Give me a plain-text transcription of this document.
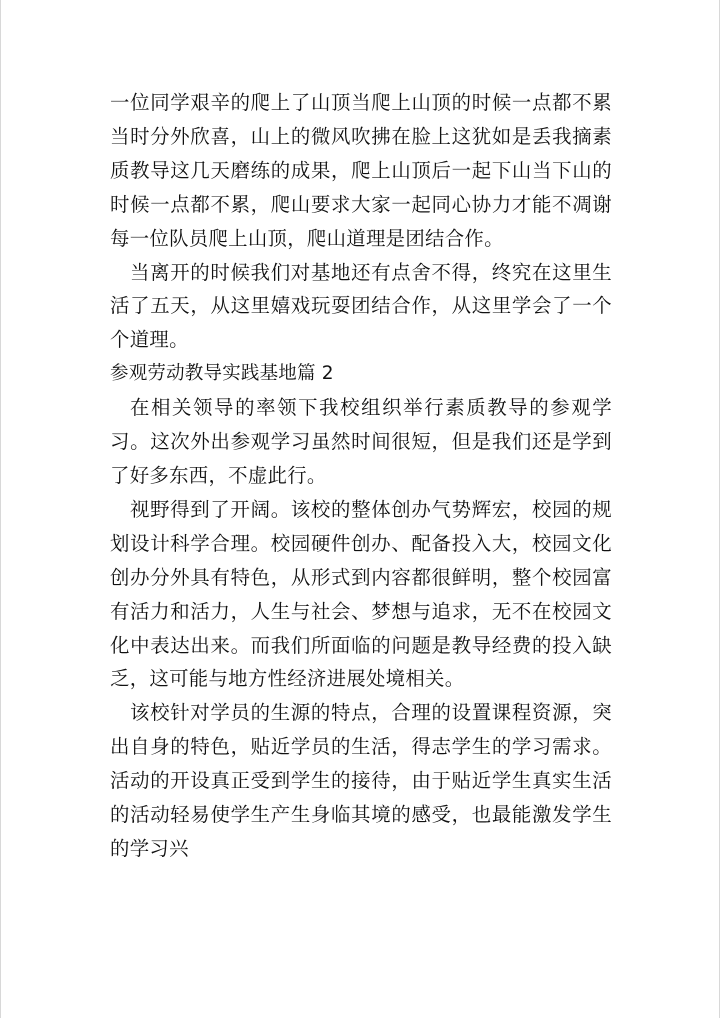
一位同学艰辛的爬上了山顶当爬上山顶的时候一点都不累当时分外欣喜，山上的微风吹拂在脸上这犹如是丢我摘素质教导这几天磨练的成果，爬上山顶后一起下山当下山的时候一点都不累，爬山要求大家一起同心协力才能不凋谢每一位队员爬上山顶，爬山道理是团结合作。

当离开的时候我们对基地还有点舍不得，终究在这里生活了五天，从这里嬉戏玩耍团结合作，从这里学会了一个个道理。

参观劳动教导实践基地篇 2

在相关领导的率领下我校组织举行素质教导的参观学习。这次外出参观学习虽然时间很短，但是我们还是学到了好多东西，不虚此行。

视野得到了开阔。该校的整体创办气势辉宏，校园的规划设计科学合理。校园硬件创办、配备投入大，校园文化创办分外具有特色，从形式到内容都很鲜明，整个校园富有活力和活力，人生与社会、梦想与追求，无不在校园文化中表达出来。而我们所面临的问题是教导经费的投入缺乏，这可能与地方性经济进展处境相关。

该校针对学员的生源的特点，合理的设置课程资源，突出自身的特色，贴近学员的生活，得志学生的学习需求。活动的开设真正受到学生的接待，由于贴近学生真实生活的活动轻易使学生产生身临其境的感受，也最能激发学生的学习兴
